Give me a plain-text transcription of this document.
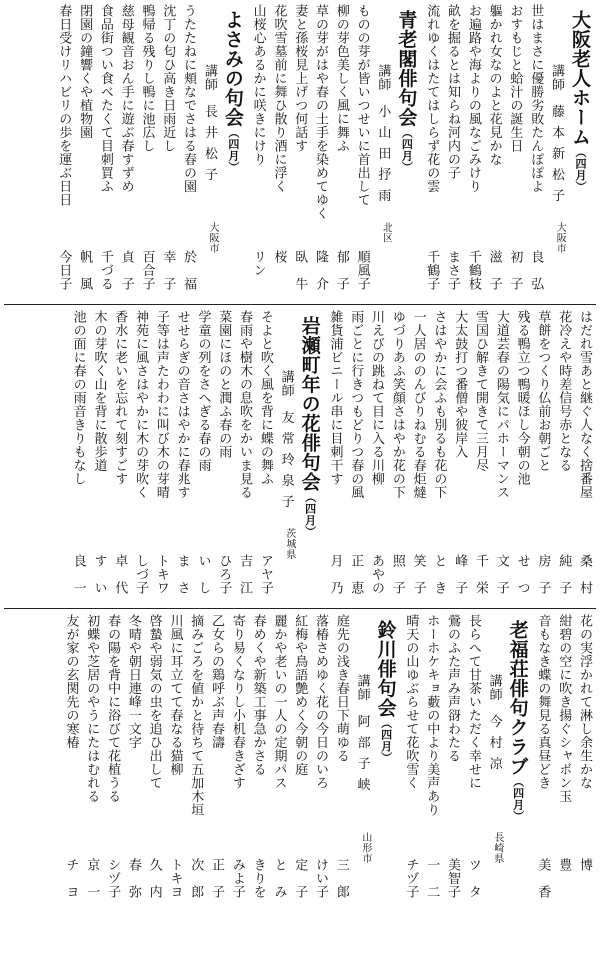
大阪老人ホーム（四月）
講師　藤本新松子
大阪市
世はまさに優勝劣敗たんぽぽよ
良　弘
おすもじと蛤汁の誕生日
初　子
軀かれ女なのよと花見かな
滋　子
お遍路や海よりの風なごみけり
千鶴枝
畝を掘るとは知らね河内の子
まさ子
流れゆくはたてはしらず花の雲
千鶴子
青老閣俳句会（四月）
講師　小山田抒雨
北区
ものの芽が皆いつせいに首出して
順風子
柳の芽色美しく風に舞ふ
郁　子
草の芽がはや春の土手を染めてゆく
隆　介
妻と孫桜見上げつ何話す
臥　牛
花吹雪墓前に舞ひ散り酒に浮く
桜
山桜心あるかに咲きにけり
リン
よさみの句会（四月）
講師　長井松子
大阪市
うたたねに頬なでさはる春の園
於　福
沈丁の匂ひ高き日雨近し
幸　子
鴨帰る残りし鴨に池広し
百合子
慈母観音おん手に遊ぶ春すずめ
貞　子
食品街つい食べたくて目刺買ふ
千づる
閉園の鐘響くや植物園
帆　風
春日受けリハビリの歩を運ぶ日日
今日子
はだれ雪あと継ぐ人なく捨番屋
桑　村
花冷えや時差信号赤となる
純　子
草餅をつくり仏前お朝ごと
房　子
残る鴨立つ鴨暖ほし今朝の池
せ　つ
大道芸春の陽気にパホーマンス
文　子
雪国ひ解きて開きて三月尽
千　栄
大太鼓打つ番僧や彼岸入
峰　子
さはやかに会ふも別るも花の下
と　き
一人居ののんびりねむる春炬燵
笑　子
ゆづりあふ笑顔さはやか花の下
照　子
川えびの跳ねて目に入る川柳
あやの
雨ごとに行きつもどりつ春の風
正　恵
雑貨浦ビニール串に目刺干す
月　乃
岩瀬町年の花俳句会（四月）
講師　友常玲泉子
茨城県
そよと吹く風を背に蝶の舞ふ
アヤ子
春雨や樹木の息吹をかいま見る
吉　江
菜園にほのと潤ふ春の雨
ひろ子
学童の列をさへぎる春の雨
い　し
せせらぎの音さはやかに春兆す
ま　さ
子等は声たわわに叫び木の芽晴
トキワ
神苑に風さはやかに木の芽吹く
しづ子
香水に老いを忘れて刻すごす
卓　代
木の芽吹く山を背に散歩道
す　い
池の面に春の雨音きりもなし
良　一
花の実浮かれて淋し余生かな
博
紺碧の空に吹き揚ぐシャボン玉
豊
音もなき蝶の舞見る真昼どき
美　香
老福荘俳句クラブ（四月）
講師　今村凉
長崎県
長らへて甘茶いただく幸せに
ツ　タ
鶯のふた声み声谺わたる
美智子
ホーホケキョ藪の中より美声あり
一　二
晴天の山ゆぶらせて花吹雪く
チヅ子
鈴川俳句会（四月）
講師　阿部子峡
山形市
庭先の浅き春日下萌ゆる
三　郎
落椿さめゆく花の今日のいろ
けい子
紅梅や鳥語艶めく今朝の庭
定　子
麗かや老いの一人の定期パス
と　み
春めくや新築工事急かさる
きりを
寄り易くなりし小机春きざす
みよ子
乙女らの鶏呼ぶ声春濤
正　子
摘みごろを値かと待ちて五加木垣
次　郎
川風に耳立てて春なる猫柳
トキヨ
啓蟄や弱気の虫を追ひ出して
久　内
冬晴や朝日連峰一文字
春　弥
春の陽を背中に浴びて花植うる
シヅ子
初蝶や芝居のやうにたはむれる
京　一
友が家の玄関先の寒椿
チ　ヨ
